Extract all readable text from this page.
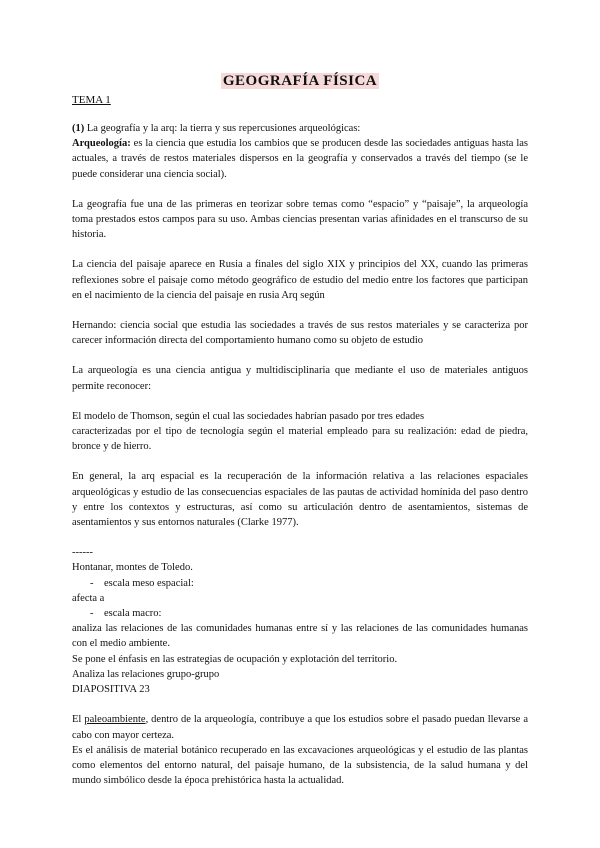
GEOGRAFÍA FÍSICA
TEMA 1

(1) La geografía y la arq: la tierra y sus repercusiones arqueológicas:

Arqueología: es la ciencia que estudia los cambios que se producen desde las sociedades antiguas hasta las actuales, a través de restos materiales dispersos en la geografía y conservados a través del tiempo (se le puede considerar una ciencia social).

La geografía fue una de las primeras en teorizar sobre temas como “espacio” y “paisaje”, la arqueología toma prestados estos campos para su uso. Ambas ciencias presentan varias afinidades en el transcurso de su historia.

La ciencia del paisaje aparece en Rusia a finales del siglo XIX y principios del XX, cuando las primeras reflexiones sobre el paisaje como método geográfico de estudio del medio entre los factores que participan en el nacimiento de la ciencia del paisaje en rusia Arq según

Hernando: ciencia social que estudia las sociedades a través de sus restos materiales y se caracteriza por carecer información directa del comportamiento humano como su objeto de estudio

La arqueología es una ciencia antigua y multidisciplinaria que mediante el uso de materiales antiguos permite reconocer:

El modelo de Thomson, según el cual las sociedades habrían pasado por tres edades

caracterizadas por el tipo de tecnología según el material empleado para su realización: edad de piedra, bronce y de hierro.

En general, la arq espacial es la recuperación de la información relativa a las relaciones espaciales arqueológicas y estudio de las consecuencias espaciales de las pautas de actividad homínida del paso dentro y entre los contextos y estructuras, así como su articulación dentro de asentamientos, sistemas de asentamientos y sus entornos naturales (Clarke 1977).

------

Hontanar, montes de Toledo.

- escala meso espacial:

afecta a

- escala macro:

analiza las relaciones de las comunidades humanas entre sí y las relaciones de las comunidades humanas con el medio ambiente.

Se pone el énfasis en las estrategias de ocupación y explotación del territorio.

Analiza las relaciones grupo-grupo

DIAPOSITIVA 23

El paleoambiente, dentro de la arqueología, contribuye a que los estudios sobre el pasado puedan llevarse a cabo con mayor certeza.

Es el análisis de material botánico recuperado en las excavaciones arqueológicas y el estudio de las plantas como elementos del entorno natural, del paisaje humano, de la subsistencia, de la salud humana y del mundo simbólico desde la época prehistórica hasta la actualidad.
